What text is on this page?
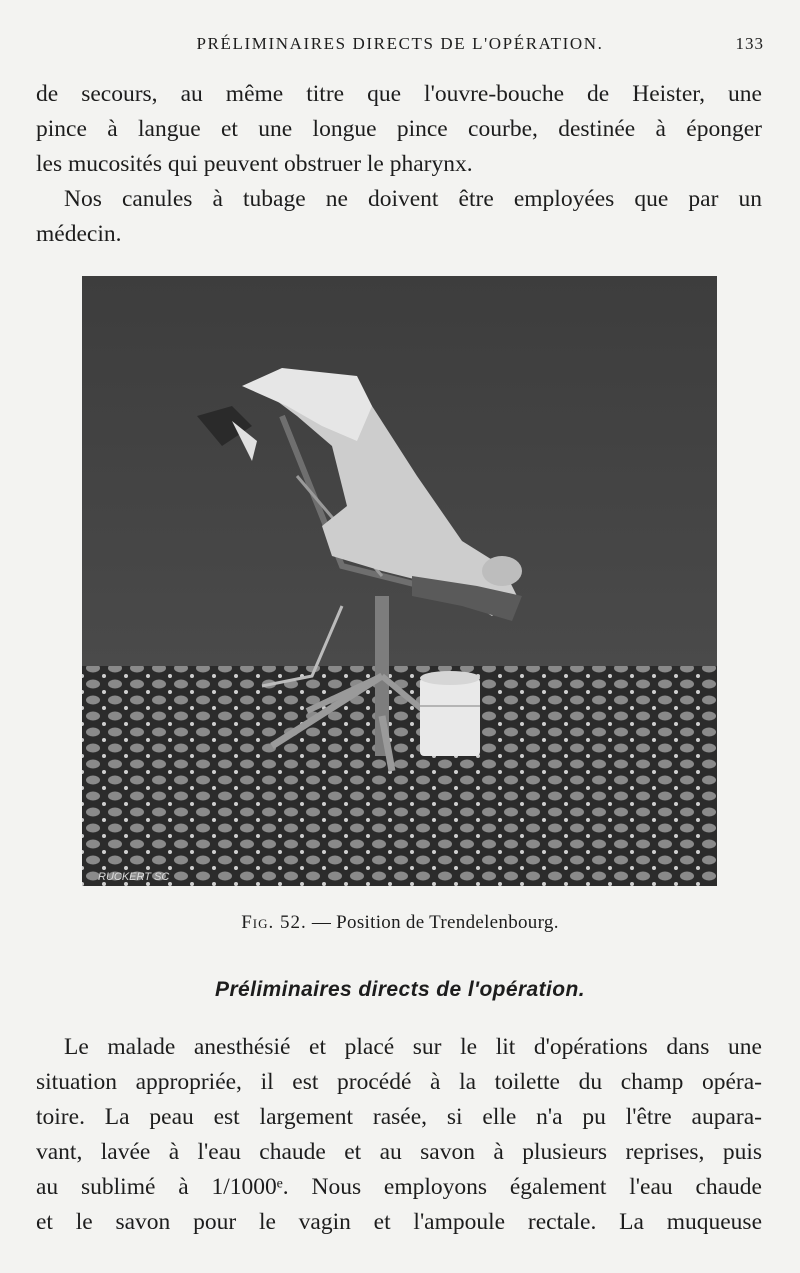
PRÉLIMINAIRES DIRECTS DE L'OPÉRATION.	133
de secours, au même titre que l'ouvre-bouche de Heister, une
pince à langue et une longue pince courbe, destinée à éponger
les mucosités qui peuvent obstruer le pharynx.
Nos canules à tubage ne doivent être employées que par un
médecin.
RUCKERT SC
Fig. 52. — Position de Trendelenbourg.
Préliminaires directs de l'opération.
Le malade anesthésié et placé sur le lit d'opérations dans une
situation appropriée, il est procédé à la toilette du champ opéra-
toire. La peau est largement rasée, si elle n'a pu l'être aupara-
vant, lavée à l'eau chaude et au savon à plusieurs reprises, puis
au sublimé à 1/1000ᵉ. Nous employons également l'eau chaude
et le savon pour le vagin et l'ampoule rectale. La muqueuse
